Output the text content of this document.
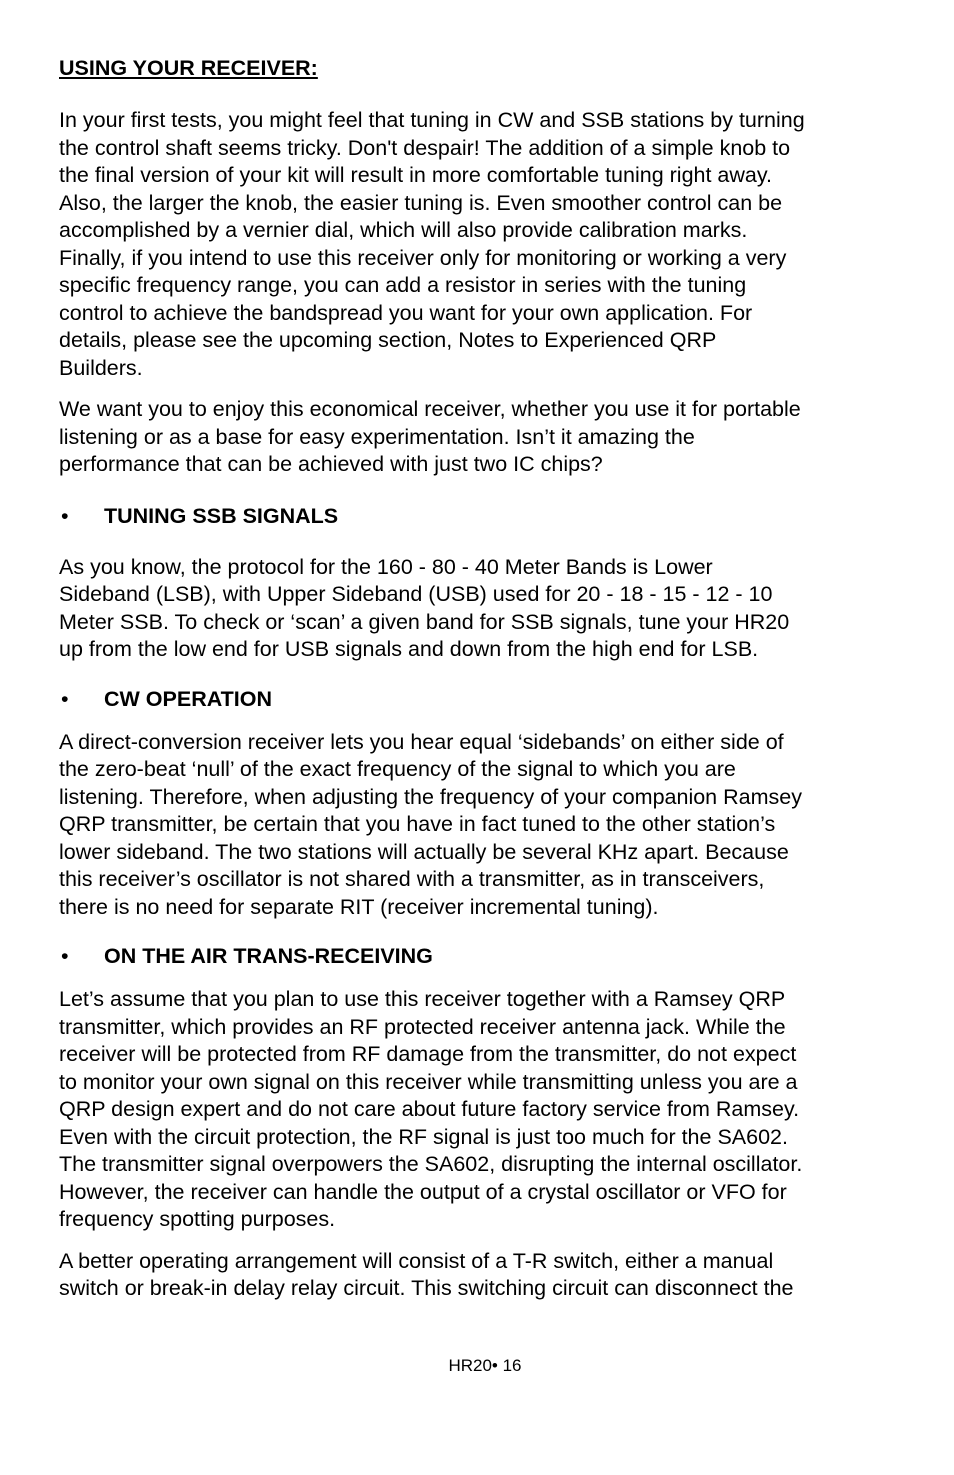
USING YOUR RECEIVER:
In your first tests, you might feel that tuning in CW and SSB stations by turning
the control shaft seems tricky. Don't despair! The addition of a simple knob to
the final version of your kit will result in more comfortable tuning right away.
Also, the larger the knob, the easier tuning is. Even smoother control can be
accomplished by a vernier dial, which will also provide calibration marks.
Finally, if you intend to use this receiver only for monitoring or working a very
specific frequency range, you can add a resistor in series with the tuning
control to achieve the bandspread you want for your own application. For
details, please see the upcoming section, Notes to Experienced QRP
Builders.
We want you to enjoy this economical receiver, whether you use it for portable
listening or as a base for easy experimentation. Isn’t it amazing the
performance that can be achieved with just two IC chips?
•	TUNING SSB SIGNALS
As you know, the protocol for the 160 - 80 - 40 Meter Bands is Lower
Sideband (LSB), with Upper Sideband (USB) used for 20 - 18 - 15 - 12 - 10
Meter SSB. To check or ‘scan’ a given band for SSB signals, tune your HR20
up from the low end for USB signals and down from the high end for LSB.
•	CW OPERATION
A direct-conversion receiver lets you hear equal ‘sidebands’ on either side of
the zero-beat ‘null’ of the exact frequency of the signal to which you are
listening. Therefore, when adjusting the frequency of your companion Ramsey
QRP transmitter, be certain that you have in fact tuned to the other station’s
lower sideband. The two stations will actually be several KHz apart. Because
this receiver’s oscillator is not shared with a transmitter, as in transceivers,
there is no need for separate RIT (receiver incremental tuning).
•	ON THE AIR TRANS-RECEIVING
Let’s assume that you plan to use this receiver together with a Ramsey QRP
transmitter, which provides an RF protected receiver antenna jack. While the
receiver will be protected from RF damage from the transmitter, do not expect
to monitor your own signal on this receiver while transmitting unless you are a
QRP design expert and do not care about future factory service from Ramsey.
Even with the circuit protection, the RF signal is just too much for the SA602.
The transmitter signal overpowers the SA602, disrupting the internal oscillator.
However, the receiver can handle the output of a crystal oscillator or VFO for
frequency spotting purposes.
A better operating arrangement will consist of a T-R switch, either a manual
switch or break-in delay relay circuit. This switching circuit can disconnect the
HR20• 16
